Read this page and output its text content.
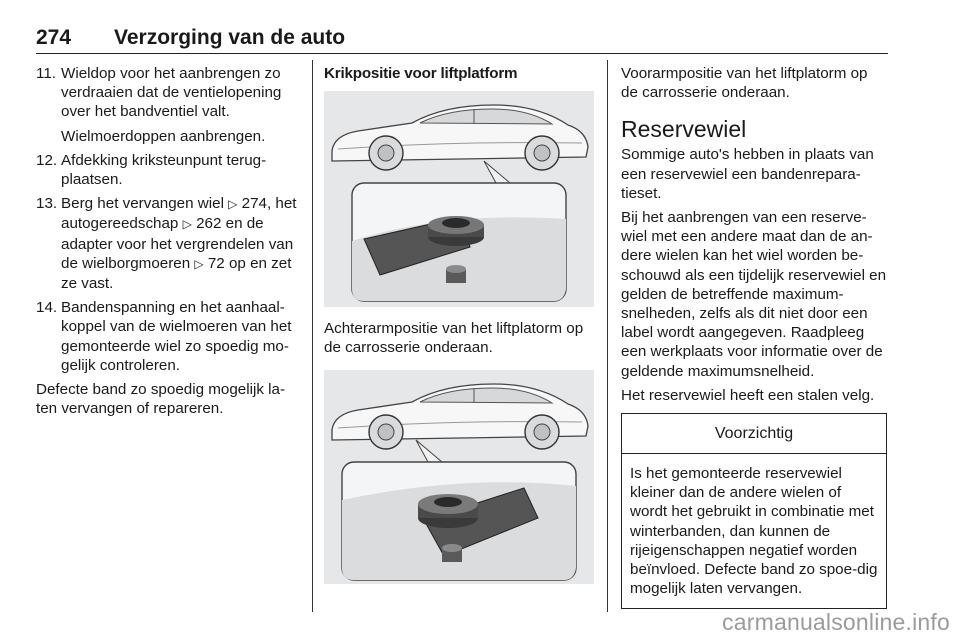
274 Verzorging van de auto
11. Wieldop voor het aanbrengen zo verdraaien dat de ventielopening over het bandventiel valt.
Wielmoerdoppen aanbrengen.
12. Afdekking kriksteunpunt terug-plaatsen.
13. Berg het vervangen wiel ▷ 274, het autogereedschap ▷ 262 en de adapter voor het vergrendelen van de wielborgmoeren ▷ 72 op en zet ze vast.
14. Bandenspanning en het aanhaal-koppel van de wielmoeren van het gemonteerde wiel zo spoedig mo-gelijk controleren.
Defecte band zo spoedig mogelijk la-ten vervangen of repareren.
Krikpositie voor liftplatform
Achterarmpositie van het liftplatorm op de carrosserie onderaan.
Voorarmpositie van het liftplatorm op de carrosserie onderaan.
Reservewiel
Sommige auto's hebben in plaats van een reservewiel een bandenrepara-tieset.
Bij het aanbrengen van een reserve-wiel met een andere maat dan de an-dere wielen kan het wiel worden be-schouwd als een tijdelijk reservewiel en gelden de betreffende maximum-snelheden, zelfs als dit niet door een label wordt aangegeven. Raadpleeg een werkplaats voor informatie over de geldende maximumsnelheid.
Het reservewiel heeft een stalen velg.
Voorzichtig
Is het gemonteerde reservewiel kleiner dan de andere wielen of wordt het gebruikt in combinatie met winterbanden, dan kunnen de rijeigenschappen negatief worden beïnvloed. Defecte band zo spoe-dig mogelijk laten vervangen.
carmanualsonline.info
